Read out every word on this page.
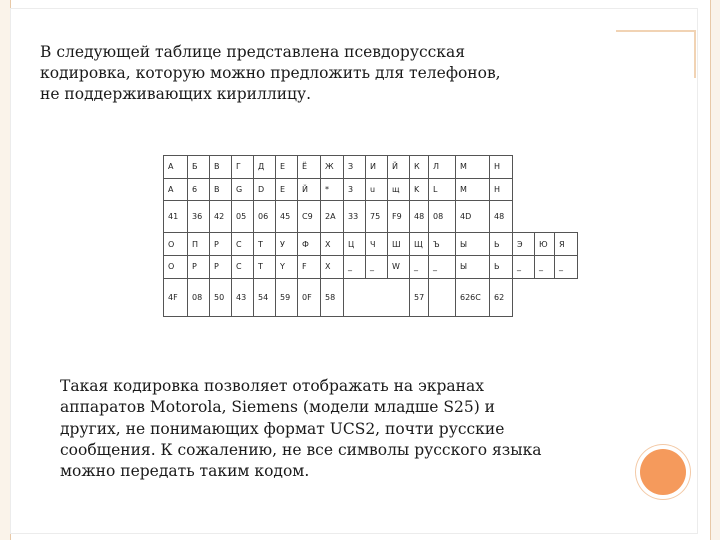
В следующей таблице представлена псевдорусская
кодировка, которую можно предложить для телефонов,
не поддерживающих кириллицу.
А	Б	В	Г	Д	Е	Ё	Ж	З	И	Й	К	Л	М	Н			
A	6	B	G	D	E	Й	*	3	u	щ	K	L	M	H			
41	36	42	05	06	45	C9	2A	33	75	F9	48	08	4D	48			
О	П	Р	С	Т	У	Ф	Х	Ц	Ч	Ш	Щ	Ъ	Ы	Ь	Э	Ю	Я
O	P	P	C	T	Y	F	X	_	_	W	_	_	Ы	Ь	_	_	_
4F	08	50	43	54	59	0F	58				57		626C	62			
Такая кодировка позволяет отображать на экранах
аппаратов Motorola, Siemens (модели младше S25) и
других, не понимающих формат UCS2, почти русские
сообщения. К сожалению, не все символы русского языка
можно передать таким кодом.
